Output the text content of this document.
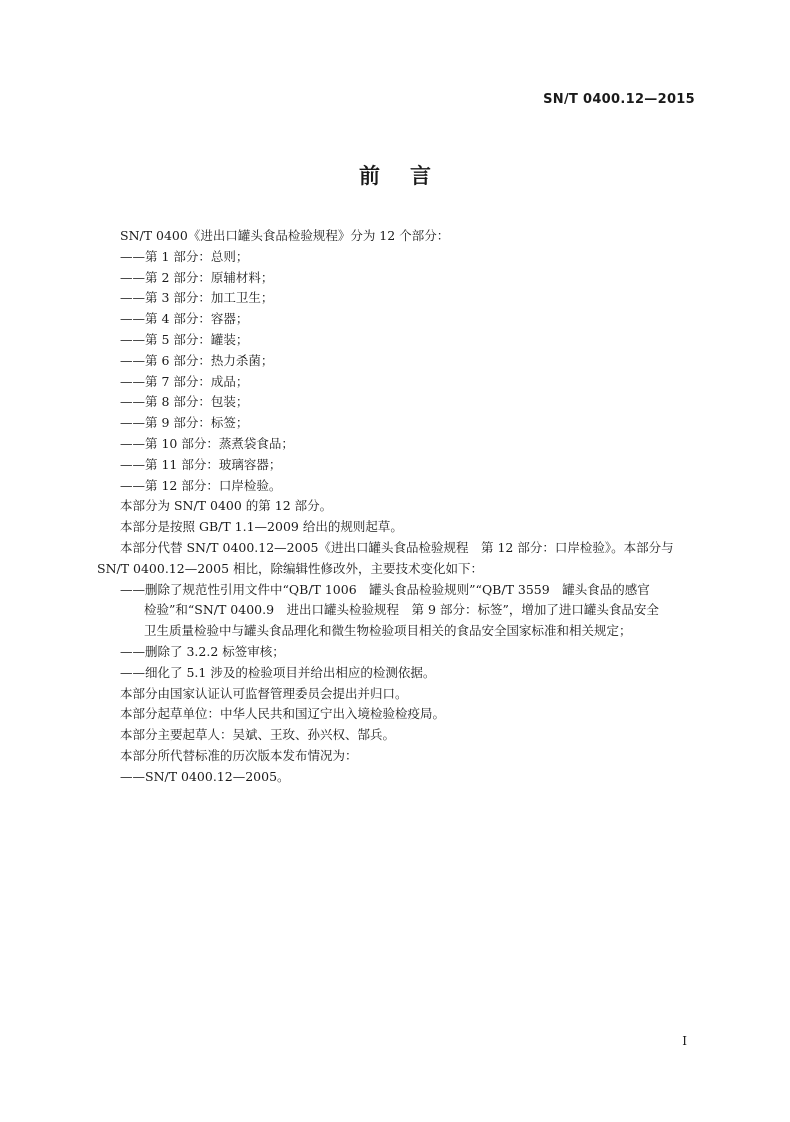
SN/T 0400.12—2015
前言

SN/T 0400《进出口罐头食品检验规程》分为 12 个部分：

——第 1 部分：总则；

——第 2 部分：原辅材料；

——第 3 部分：加工卫生；

——第 4 部分：容器；

——第 5 部分：罐装；

——第 6 部分：热力杀菌；

——第 7 部分：成品；

——第 8 部分：包装；

——第 9 部分：标签；

——第 10 部分：蒸煮袋食品；

——第 11 部分：玻璃容器；

——第 12 部分：口岸检验。

本部分为 SN/T 0400 的第 12 部分。

本部分是按照 GB/T 1.1—2009 给出的规则起草。

本部分代替 SN/T 0400.12—2005《进出口罐头食品检验规程　第 12 部分：口岸检验》。本部分与

SN/T 0400.12—2005 相比，除编辑性修改外，主要技术变化如下：

——删除了规范性引用文件中“QB/T 1006　罐头食品检验规则”“QB/T 3559　罐头食品的感官

检验”和“SN/T 0400.9　进出口罐头检验规程　第 9 部分：标签”，增加了进口罐头食品安全

卫生质量检验中与罐头食品理化和微生物检验项目相关的食品安全国家标准和相关规定；

——删除了 3.2.2 标签审核；

——细化了 5.1 涉及的检验项目并给出相应的检测依据。

本部分由国家认证认可监督管理委员会提出并归口。

本部分起草单位：中华人民共和国辽宁出入境检验检疫局。

本部分主要起草人：吴斌、王玫、孙兴权、郜兵。

本部分所代替标准的历次版本发布情况为：

——SN/T 0400.12—2005。

I
